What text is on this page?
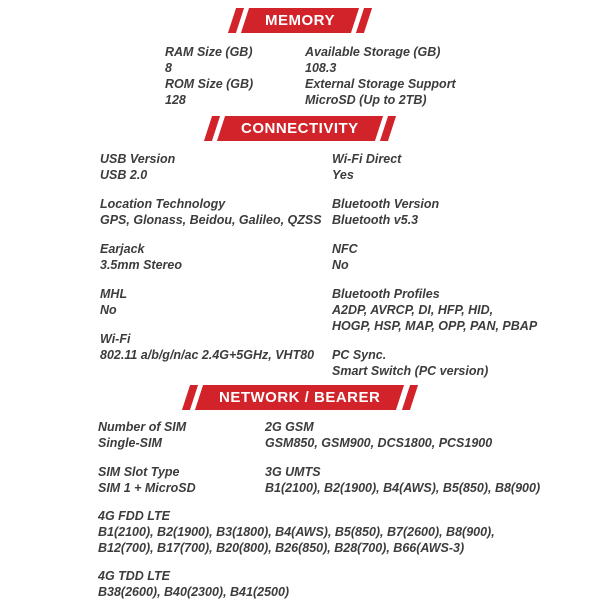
MEMORY
RAM Size (GB)
8
ROM Size (GB)
128
Available Storage (GB)
108.3
External Storage Support
MicroSD (Up to 2TB)
CONNECTIVITY
USB Version
USB 2.0
Location Technology
GPS, Glonass, Beidou, Galileo, QZSS
Earjack
3.5mm Stereo
MHL
No
Wi-Fi
802.11 a/b/g/n/ac 2.4G+5GHz, VHT80
Wi-Fi Direct
Yes
Bluetooth Version
Bluetooth v5.3
NFC
No
Bluetooth Profiles
A2DP, AVRCP, DI, HFP, HID,
HOGP, HSP, MAP, OPP, PAN, PBAP
PC Sync.
Smart Switch (PC version)
NETWORK / BEARER
Number of SIM
Single-SIM
SIM Slot Type
SIM 1 + MicroSD
2G GSM
GSM850, GSM900, DCS1800, PCS1900
3G UMTS
B1(2100), B2(1900), B4(AWS), B5(850), B8(900)
4G FDD LTE
B1(2100), B2(1900), B3(1800), B4(AWS), B5(850), B7(2600), B8(900),
B12(700), B17(700), B20(800), B26(850), B28(700), B66(AWS-3)
4G TDD LTE
B38(2600), B40(2300), B41(2500)
